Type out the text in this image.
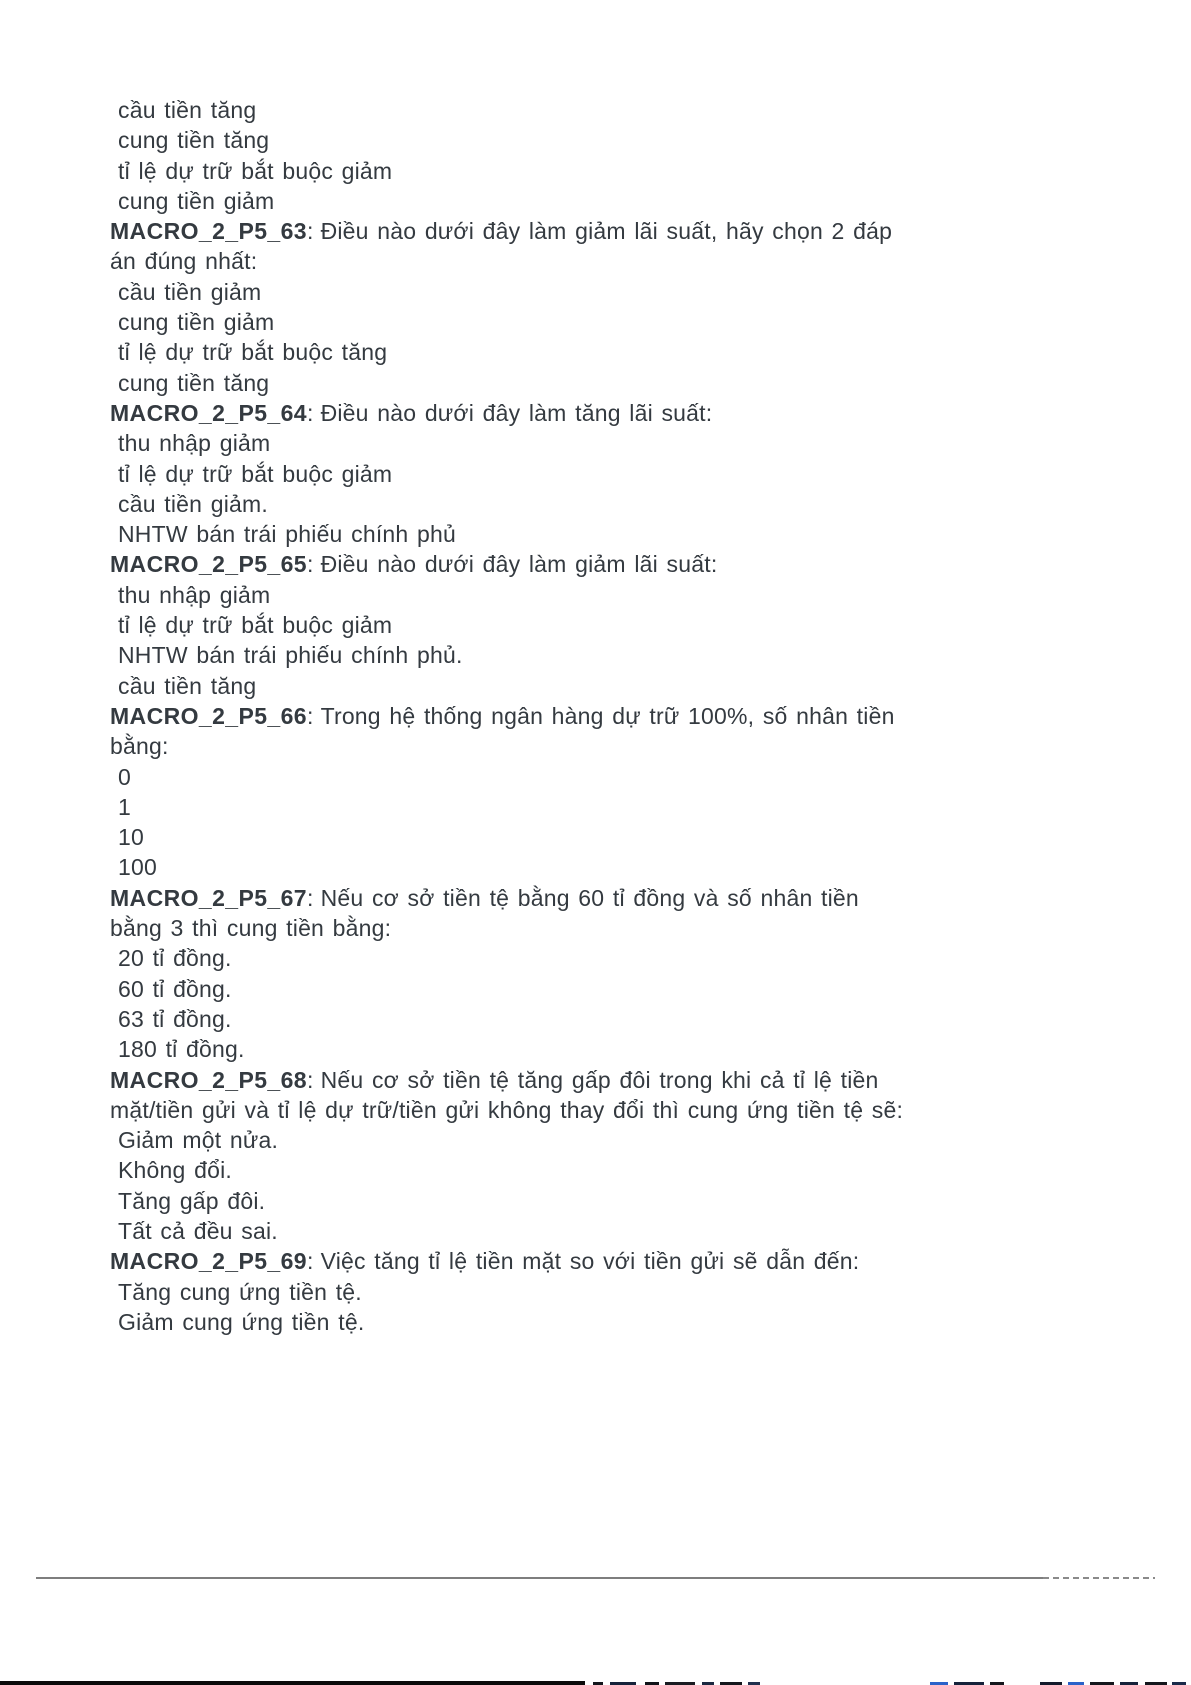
cầu tiền tăng
cung tiền tăng
tỉ lệ dự trữ bắt buộc giảm
cung tiền giảm
MACRO_2_P5_63: Điều nào dưới đây làm giảm lãi suất, hãy chọn 2 đáp
án đúng nhất:
cầu tiền giảm
cung tiền giảm
tỉ lệ dự trữ bắt buộc tăng
cung tiền tăng
MACRO_2_P5_64: Điều nào dưới đây làm tăng lãi suất:
thu nhập giảm
tỉ lệ dự trữ bắt buộc giảm
cầu tiền giảm.
NHTW bán trái phiếu chính phủ
MACRO_2_P5_65: Điều nào dưới đây làm giảm lãi suất:
thu nhập giảm
tỉ lệ dự trữ bắt buộc giảm
NHTW bán trái phiếu chính phủ.
cầu tiền tăng
MACRO_2_P5_66: Trong hệ thống ngân hàng dự trữ 100%, số nhân tiền
bằng:
0
1
10
100
MACRO_2_P5_67: Nếu cơ sở tiền tệ bằng 60 tỉ đồng và số nhân tiền
bằng 3 thì cung tiền bằng:
20 tỉ đồng.
60 tỉ đồng.
63 tỉ đồng.
180 tỉ đồng.
MACRO_2_P5_68: Nếu cơ sở tiền tệ tăng gấp đôi trong khi cả tỉ lệ tiền
mặt/tiền gửi và tỉ lệ dự trữ/tiền gửi không thay đổi thì cung ứng tiền tệ sẽ:
Giảm một nửa.
Không đổi.
Tăng gấp đôi.
Tất cả đều sai.
MACRO_2_P5_69: Việc tăng tỉ lệ tiền mặt so với tiền gửi sẽ dẫn đến:
Tăng cung ứng tiền tệ.
Giảm cung ứng tiền tệ.
